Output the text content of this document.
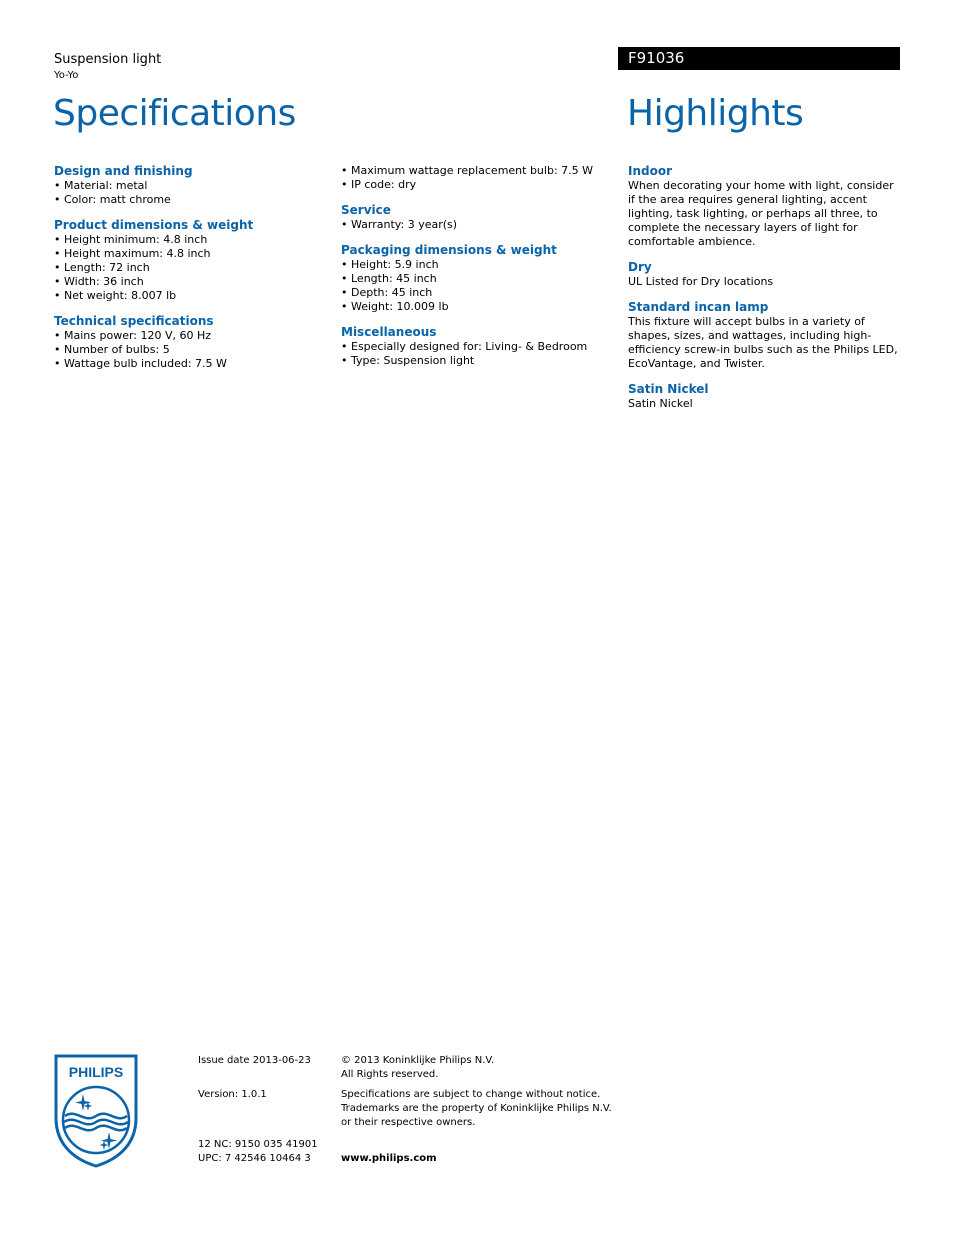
Suspension light
Yo-Yo
F91036
Specifications	Highlights
Design and finishing
• Material: metal
• Color: matt chrome
Product dimensions & weight
• Height minimum: 4.8 inch
• Height maximum: 4.8 inch
• Length: 72 inch
• Width: 36 inch
• Net weight: 8.007 lb
Technical specifications
• Mains power: 120 V, 60 Hz
• Number of bulbs: 5
• Wattage bulb included: 7.5 W
• Maximum wattage replacement bulb: 7.5 W
• IP code: dry
Service
• Warranty: 3 year(s)
Packaging dimensions & weight
• Height: 5.9 inch
• Length: 45 inch
• Depth: 45 inch
• Weight: 10.009 lb
Miscellaneous
• Especially designed for: Living- & Bedroom
• Type: Suspension light
Indoor
When decorating your home with light, consider if the area requires general lighting, accent lighting, task lighting, or perhaps all three, to complete the necessary layers of light for comfortable ambience.
Dry
UL Listed for Dry locations
Standard incan lamp
This fixture will accept bulbs in a variety of shapes, sizes, and wattages, including high-efficiency screw-in bulbs such as the Philips LED, EcoVantage, and Twister.
Satin Nickel
Satin Nickel
PHILIPS
Issue date 2013-06-23
Version: 1.0.1
12 NC: 9150 035 41901
UPC: 7 42546 10464 3
© 2013 Koninklijke Philips N.V.
All Rights reserved.
Specifications are subject to change without notice.
Trademarks are the property of Koninklijke Philips N.V.
or their respective owners.
www.philips.com
